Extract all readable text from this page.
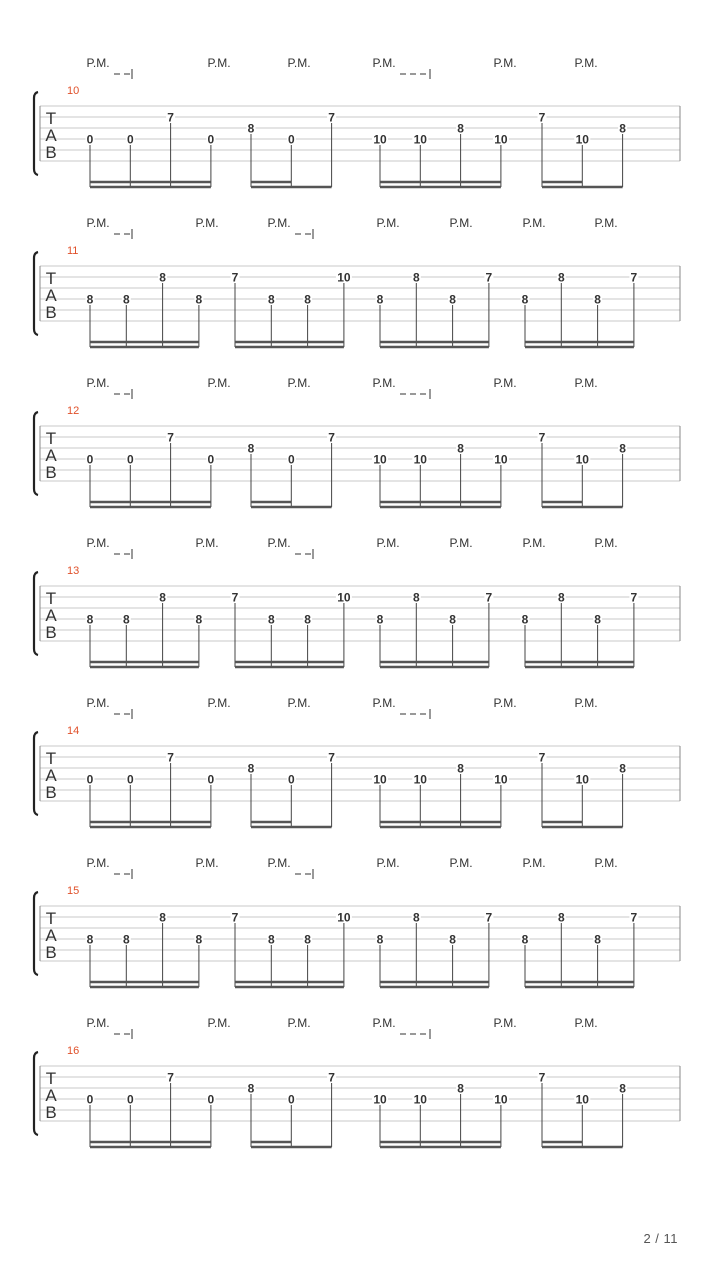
P.M.	P.M.	P.M.	P.M.	P.M.	P.M.
10
T
A
B
0	0
7
0
8
0
7
10 10
8
10
7
10
8
P.M.	P.M.	P.M.	P.M.	P.M.	P.M.	P.M.
11
T
A
B
8 8
8
8
7
8 8
10
8
8
8
7
8
8
8
7
P.M.	P.M.	P.M.	P.M.	P.M.	P.M.
12
T
A
B
0	0
7
0
8
0
7
10 10
8
10
7
10
8
P.M.	P.M.	P.M.	P.M.	P.M.	P.M.	P.M.
13
T
A
B
8 8
8
8
7
8 8
10
8
8
8
7
8
8
8
7
P.M.	P.M.	P.M.	P.M.	P.M.	P.M.
14
T
A
B
0	0
7
0
8
0
7
10 10
8
10
7
10
8
P.M.	P.M.	P.M.	P.M.	P.M.	P.M.	P.M.
15
T
A
B
8 8
8
8
7
8 8
10
8
8
8
7
8
8
8
7
P.M.	P.M.	P.M.	P.M.	P.M.	P.M.
16
T
A
B
0	0
7
0
8
0
7
10 10
8
10
7
10
8
2 / 11
